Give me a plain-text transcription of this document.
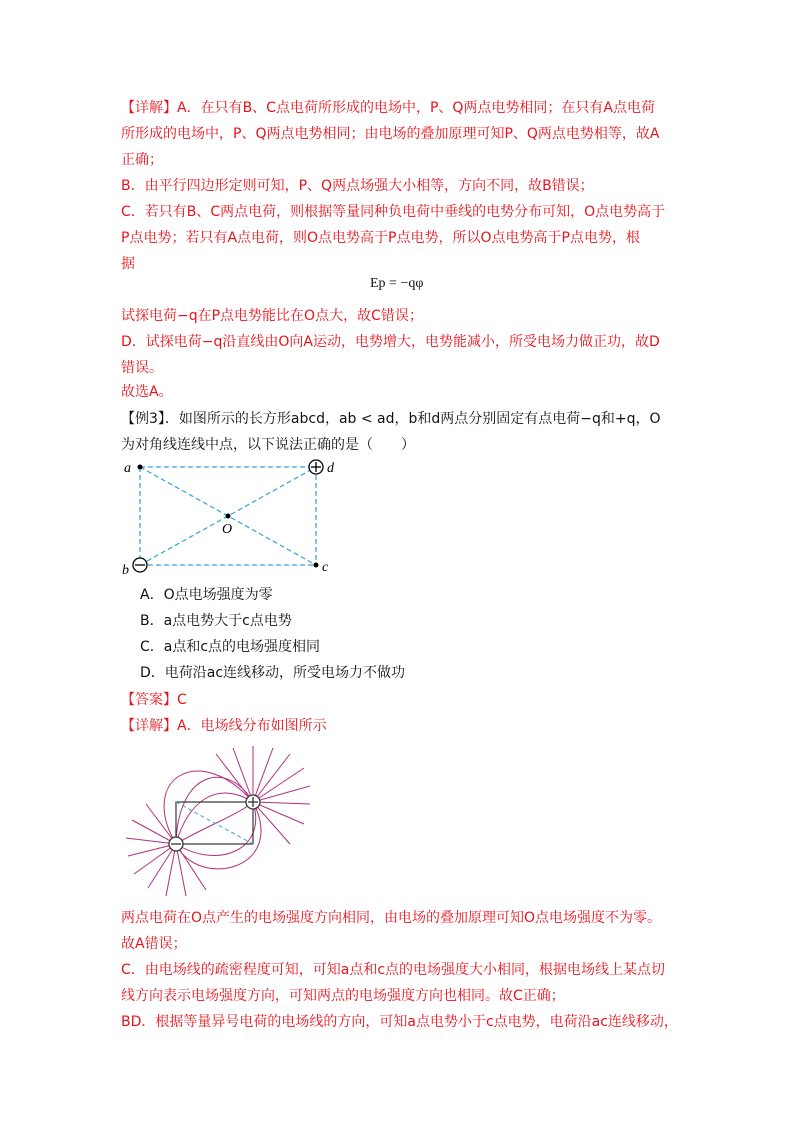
【详解】A．在只有B、C点电荷所形成的电场中，P、Q两点电势相同；在只有A点电荷
所形成的电场中，P、Q两点电势相同；由电场的叠加原理可知P、Q两点电势相等，故A
正确；
B．由平行四边形定则可知，P、Q两点场强大小相等，方向不同，故B错误；
C．若只有B、C两点电荷，则根据等量同种负电荷中垂线的电势分布可知，O点电势高于
P点电势；若只有A点电荷，则O点电势高于P点电势，所以O点电势高于P点电势，根
据
Ep = −qφ
试探电荷−q在P点电势能比在O点大，故C错误；
D．试探电荷−q沿直线由O向A运动，电势增大，电势能减小，所受电场力做正功，故D
错误。
故选A。
【例3】．如图所示的长方形abcd，ab < ad，b和d两点分别固定有点电荷−q和+q，O
为对角线连线中点，以下说法正确的是（　　）
a	d
O
b	c
A．O点电场强度为零
B．a点电势大于c点电势
C．a点和c点的电场强度相同
D．电荷沿ac连线移动，所受电场力不做功
【答案】C
【详解】A．电场线分布如图所示
两点电荷在O点产生的电场强度方向相同，由电场的叠加原理可知O点电场强度不为零。
故A错误；
C．由电场线的疏密程度可知，可知a点和c点的电场强度大小相同，根据电场线上某点切
线方向表示电场强度方向，可知两点的电场强度方向也相同。故C正确；
BD．根据等量异号电荷的电场线的方向，可知a点电势小于c点电势，电荷沿ac连线移动，
